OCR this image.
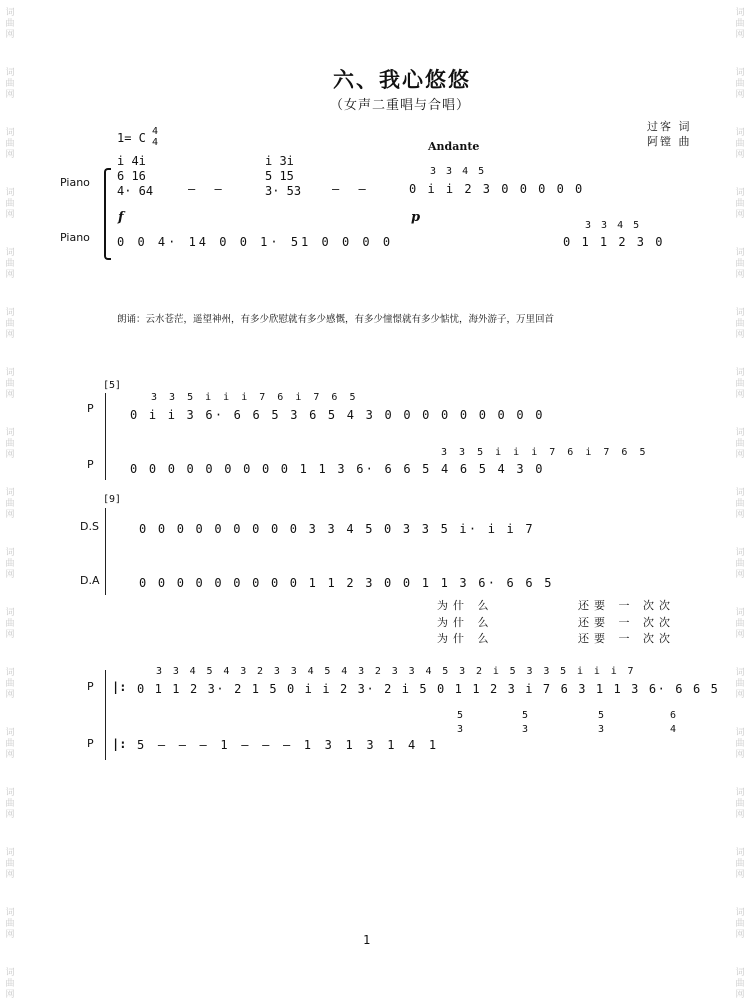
词曲网
词曲网
词曲网
词曲网
词曲网
词曲网
词曲网
词曲网
词曲网
词曲网
词曲网
词曲网
词曲网
词曲网
词曲网
词曲网
词曲网
词曲网
词曲网
词曲网
词曲网
词曲网
词曲网
词曲网
词曲网
词曲网
词曲网
词曲网
词曲网
词曲网
词曲网
词曲网
词曲网
词曲网
六、我心悠悠
（女声二重唱与合唱）
过客 词
阿镗 曲
1= C 4
4	Andante
Piano
Piano
i 4i
6 16
4· 64	— —
i 3i
5 15
3· 53	— —
3 3 4 5
0 i i 2 3 0 0 0 0 0
f	p
0 0 4· 14 0 0 1· 51 0 0 0 0
3 3 4 5
0 1 1 2 3 0
朗诵：云水苍茫，遥望神州，有多少欣慰就有多少感慨，有多少憧憬就有多少惦忧，海外游子，万里回首
[5]
P
P
3 3 5 i i i 7 6 i 7 6 5
0 i i 3 6· 6 6 5 3 6 5 4 3 0 0 0 0 0 0 0 0 0
3 3 5 i i i 7 6 i 7 6 5
0 0 0 0 0 0 0 0 0 1 1 3 6· 6 6 5 4 6 5 4 3 0
[9]
D.S
D.A
0 0 0 0 0 0 0 0 0 3 3 4 5 0 3 3 5 i· i i 7
0 0 0 0 0 0 0 0 0 1 1 2 3 0 0 1 1 3 6· 6 6 5
为什 么	还要 一 次次
为什 么	还要 一 次次
为什 么	还要 一 次次
P
P
|:
|:
3 3 4 5 4 3 2 3 3 4 5 4 3 2 3 3 4 5 3 2 i 5 3 3 5 i i i 7
0 1 1 2 3· 2 1 5 0 i i 2 3· 2 i 5 0 1 1 2 3 i 7 6 3 1 1 3 6· 6 6 5
5
3
5
3
5
3
6
4
5 — — — 1 — — — 1 3 1 3 1 4 1
1
